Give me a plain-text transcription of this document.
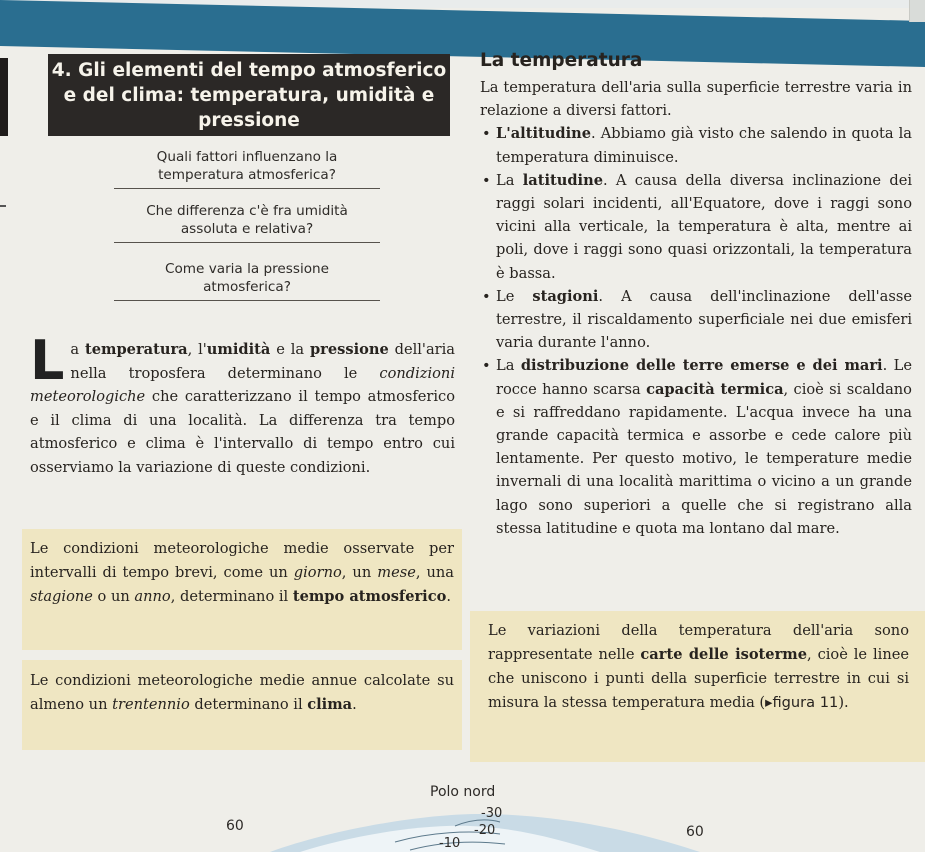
4. Gli elementi del tempo atmosferico
e del clima: temperatura, umidità e
pressione
Quali fattori influenzano la
temperatura atmosferica?
Che differenza c'è fra umidità
assoluta e relativa?
Come varia la pressione
atmosferica?
La temperatura, l'umidità e la pressione dell'aria nella troposfera determinano le condizioni meteorologiche che caratterizzano il tempo atmosferico e il clima di una località. La differenza tra tempo atmosferico e clima è l'intervallo di tempo entro cui osserviamo la variazione di queste condizioni.
Le condizioni meteorologiche medie osservate per intervalli di tempo brevi, come un giorno, un mese, una stagione o un anno, determinano il tempo atmosferico.
Le condizioni meteorologiche medie annue calcolate su almeno un trentennio determinano il clima.
La temperatura
La temperatura dell'aria sulla superficie terrestre varia in relazione a diversi fattori.
• L'altitudine. Abbiamo già visto che salendo in quota la temperatura diminuisce.
• La latitudine. A causa della diversa inclinazione dei raggi solari incidenti, all'Equatore, dove i raggi sono vicini alla verticale, la temperatura è alta, mentre ai poli, dove i raggi sono quasi orizzontali, la temperatura è bassa.
• Le stagioni. A causa dell'inclinazione dell'asse terrestre, il riscaldamento superficiale nei due emisferi varia durante l'anno.
• La distribuzione delle terre emerse e dei mari. Le rocce hanno scarsa capacità termica, cioè si scaldano e si raffreddano rapidamente. L'acqua invece ha una grande capacità termica e assorbe e cede calore più lentamente. Per questo motivo, le temperature medie invernali di una località marittima o vicino a un grande lago sono superiori a quelle che si registrano alla stessa latitudine e quota ma lontano dal mare.
Le variazioni della temperatura dell'aria sono rappresentate nelle carte delle isoterme, cioè le linee che uniscono i punti della superficie terrestre in cui si misura la stessa temperatura media (▸figura 11).
Polo nord
-30
60	-20	60
-10
